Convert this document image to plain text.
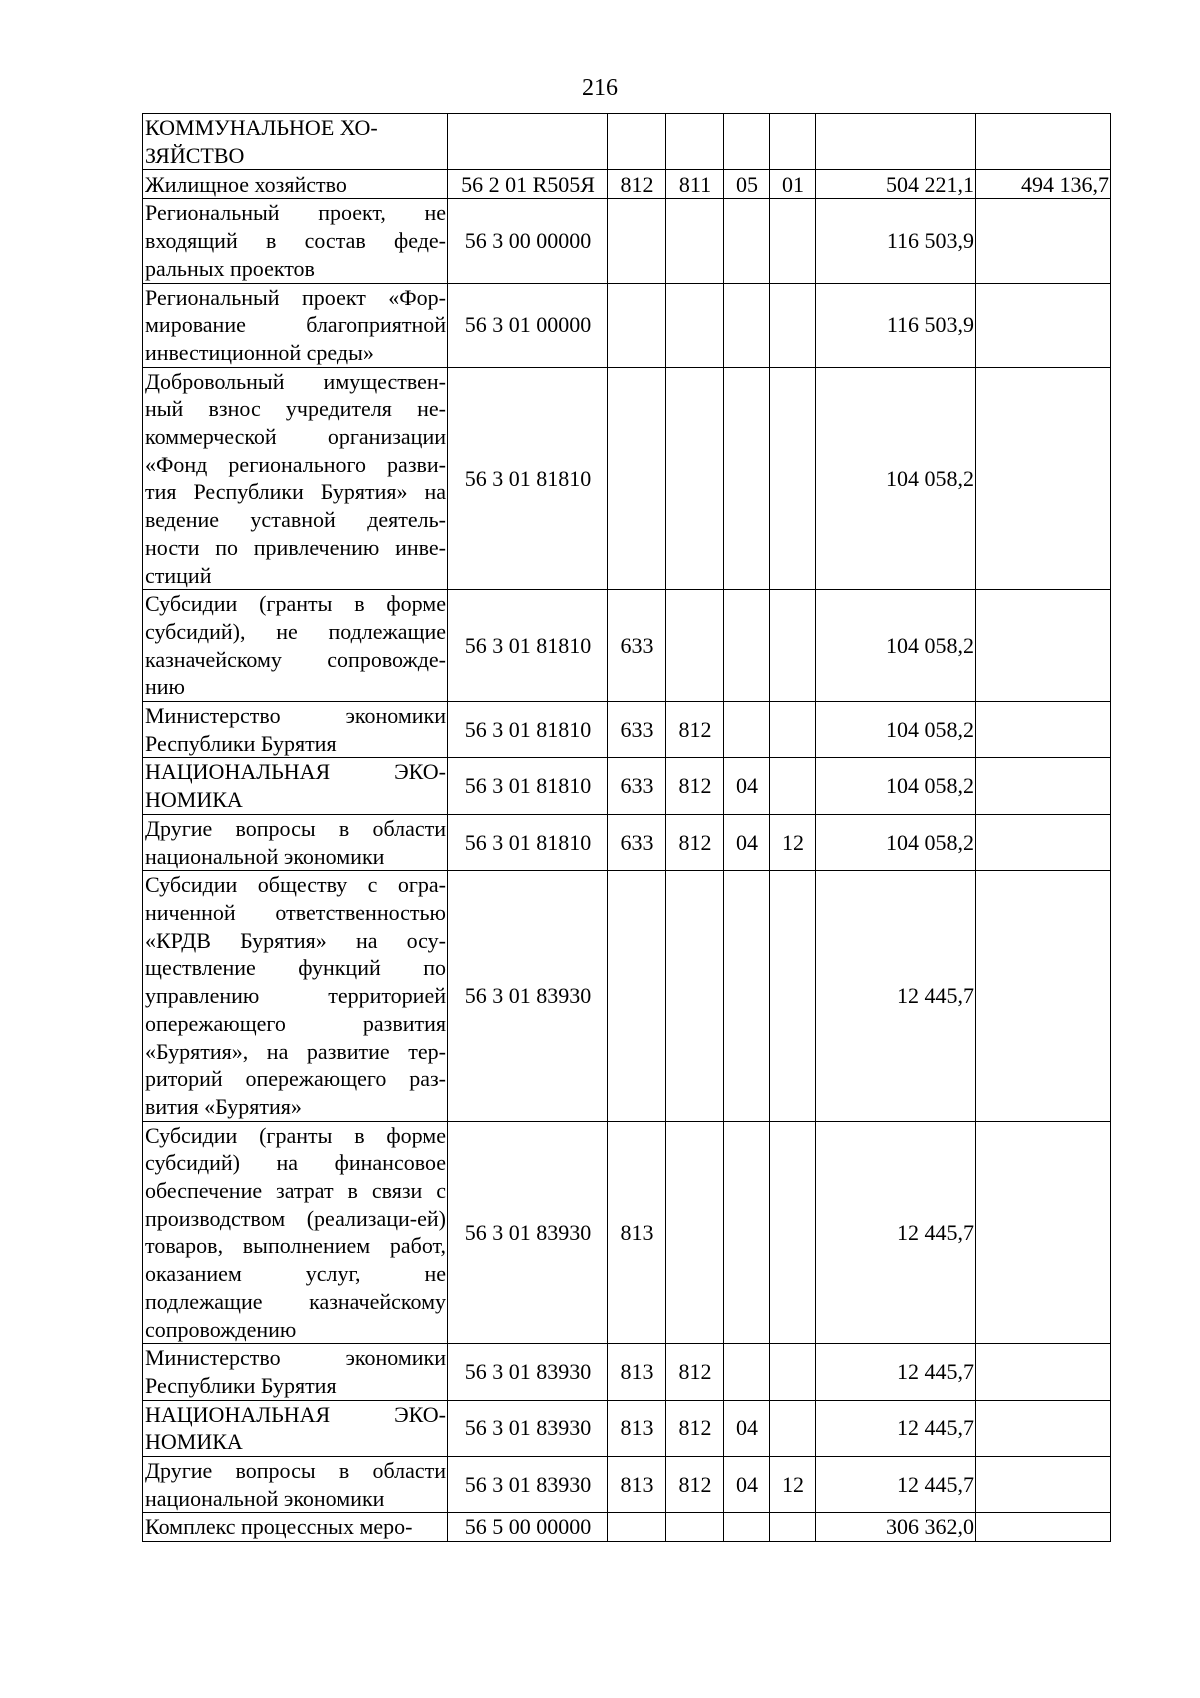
216
КОММУНАЛЬНОЕ ХО-
ЗЯЙСТВО							
Жилищное хозяйство	56 2 01 R505Я	812	811	05	01	504 221,1	494 136,7
Региональный проект, не входящий в состав феде-ральных проектов	56 3 00 00000					116 503,9	
Региональный проект «Фор-мирование благоприятной инвестиционной среды»	56 3 01 00000					116 503,9	
Добровольный имуществен-ный взнос учредителя не-коммерческой организации «Фонд регионального разви-тия Республики Бурятия» на ведение уставной деятель-ности по привлечению инве-стиций	56 3 01 81810					104 058,2	
Субсидии (гранты в форме субсидий), не подлежащие казначейскому сопровожде-нию	56 3 01 81810	633				104 058,2	
Министерство экономики Республики Бурятия	56 3 01 81810	633	812			104 058,2	
НАЦИОНАЛЬНАЯ ЭКО-НОМИКА	56 3 01 81810	633	812	04		104 058,2	
Другие вопросы в области национальной экономики	56 3 01 81810	633	812	04	12	104 058,2	
Субсидии обществу с огра-ниченной ответственностью «КРДВ Бурятия» на осу-ществление функций по управлению территорией опережающего развития «Бурятия», на развитие тер-риторий опережающего раз-вития «Бурятия»	56 3 01 83930					12 445,7	
Субсидии (гранты в форме субсидий) на финансовое обеспечение затрат в связи с производством (реализаци-ей) товаров, выполнением работ, оказанием услуг, не подлежащие казначейскому сопровождению	56 3 01 83930	813				12 445,7	
Министерство экономики Республики Бурятия	56 3 01 83930	813	812			12 445,7	
НАЦИОНАЛЬНАЯ ЭКО-НОМИКА	56 3 01 83930	813	812	04		12 445,7	
Другие вопросы в области национальной экономики	56 3 01 83930	813	812	04	12	12 445,7	
Комплекс процессных меро-	56 5 00 00000					306 362,0	
